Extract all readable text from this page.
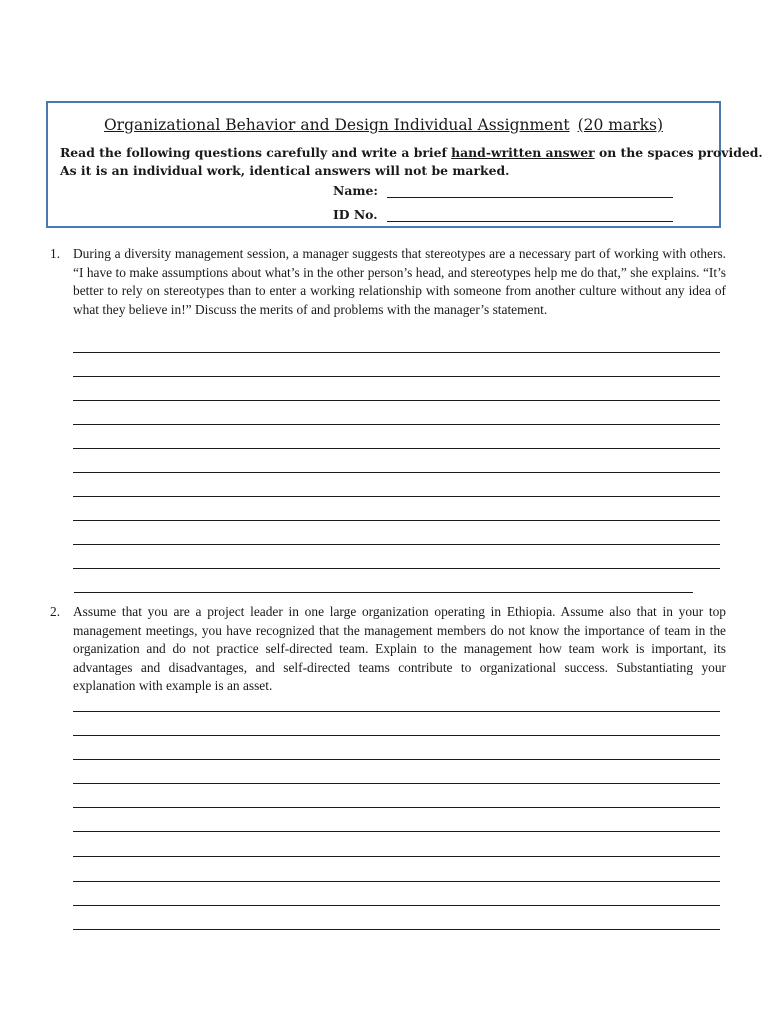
Organizational Behavior and Design Individual Assignment (20 marks)
Read the following questions carefully and write a brief hand-written answer on the spaces provided.
As it is an individual work, identical answers will not be marked.
Name:
ID No.
1. During a diversity management session, a manager suggests that stereotypes are a necessary part of working with others. “I have to make assumptions about what’s in the other person’s head, and stereotypes help me do that,” she explains. “It’s better to rely on stereotypes than to enter a working relationship with someone from another culture without any idea of what they believe in!” Discuss the merits of and problems with the manager’s statement.
2. Assume that you are a project leader in one large organization operating in Ethiopia. Assume also that in your top management meetings, you have recognized that the management members do not know the importance of team in the organization and do not practice self-directed team. Explain to the management how team work is important, its advantages and disadvantages, and self-directed teams contribute to organizational success. Substantiating your explanation with example is an asset.
